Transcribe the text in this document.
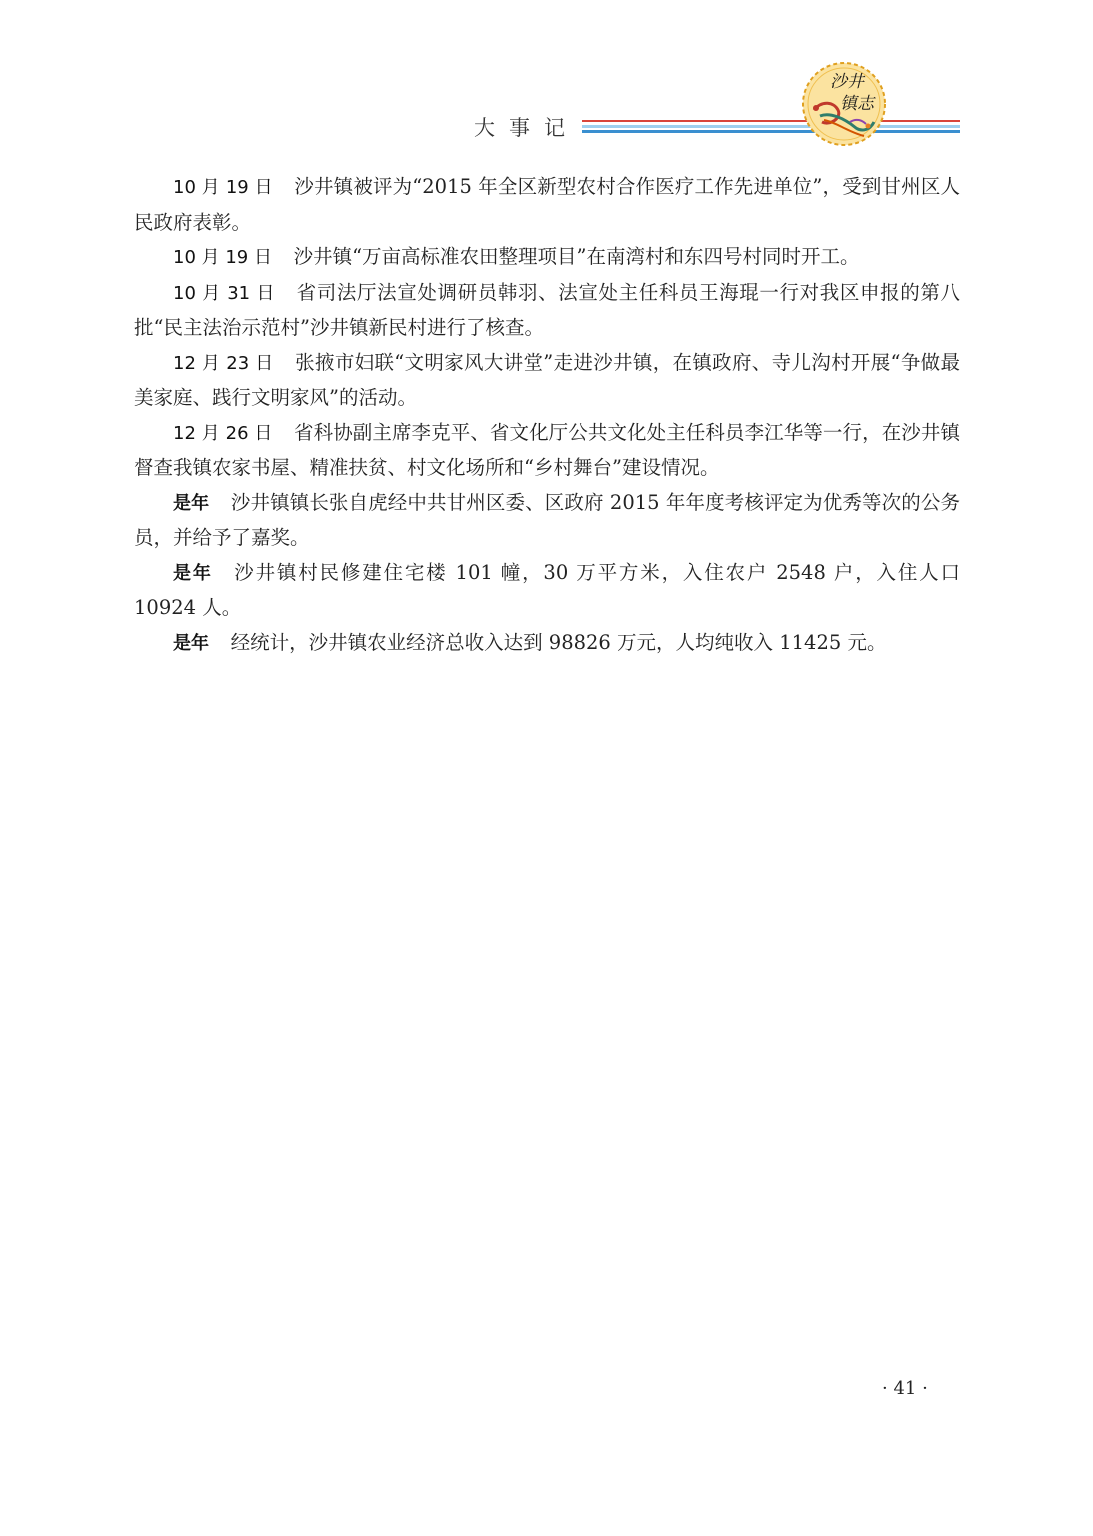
大事记
沙井
镇志

10 月 19 日 沙井镇被评为“2015 年全区新型农村合作医疗工作先进单位”，受到甘州区人民政府表彰。

10 月 19 日 沙井镇“万亩高标准农田整理项目”在南湾村和东四号村同时开工。

10 月 31 日 省司法厅法宣处调研员韩羽、法宣处主任科员王海琨一行对我区申报的第八批“民主法治示范村”沙井镇新民村进行了核查。

12 月 23 日 张掖市妇联“文明家风大讲堂”走进沙井镇，在镇政府、寺儿沟村开展“争做最美家庭、践行文明家风”的活动。

12 月 26 日 省科协副主席李克平、省文化厅公共文化处主任科员李江华等一行，在沙井镇督查我镇农家书屋、精准扶贫、村文化场所和“乡村舞台”建设情况。

是年 沙井镇镇长张自虎经中共甘州区委、区政府 2015 年年度考核评定为优秀等次的公务员，并给予了嘉奖。

是年 沙井镇村民修建住宅楼 101 幢，30 万平方米，入住农户 2548 户，入住人口 10924 人。

是年 经统计，沙井镇农业经济总收入达到 98826 万元，人均纯收入 11425 元。

· 41 ·
